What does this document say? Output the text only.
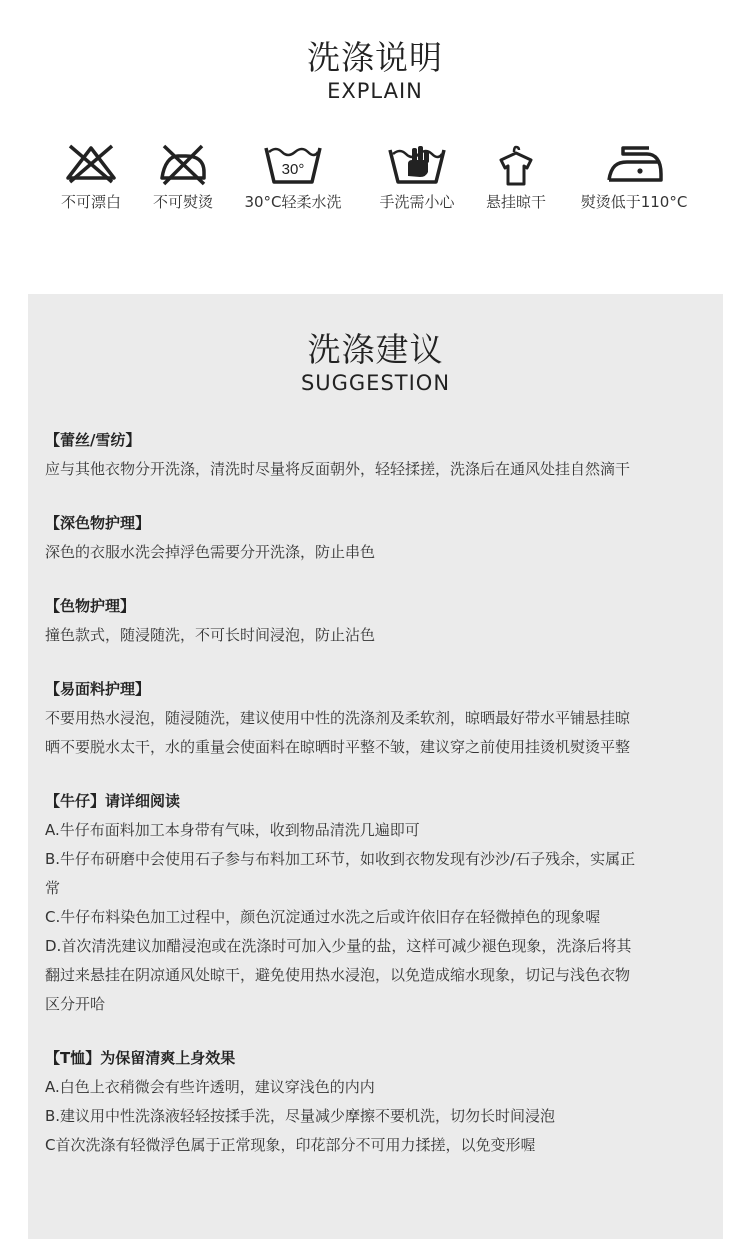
洗涤说明
EXPLAIN
不可漂白	不可熨烫
30°
30°C轻柔水洗	手洗需小心	悬挂晾干	熨烫低于110°C
洗涤建议
SUGGESTION
【蕾丝/雪纺】
应与其他衣物分开洗涤，清洗时尽量将反面朝外，轻轻揉搓，洗涤后在通风处挂自然滴干
【深色物护理】
深色的衣服水洗会掉浮色需要分开洗涤，防止串色
【色物护理】
撞色款式，随浸随洗，不可长时间浸泡，防止沾色
【易面料护理】
不要用热水浸泡，随浸随洗，建议使用中性的洗涤剂及柔软剂，晾晒最好带水平铺悬挂晾
晒不要脱水太干，水的重量会使面料在晾晒时平整不皱，建议穿之前使用挂烫机熨烫平整
【牛仔】请详细阅读
A.牛仔布面料加工本身带有气味，收到物品清洗几遍即可
B.牛仔布研磨中会使用石子参与布料加工环节，如收到衣物发现有沙沙/石子残余，实属正
常
C.牛仔布料染色加工过程中，颜色沉淀通过水洗之后或许依旧存在轻微掉色的现象喔
D.首次清洗建议加醋浸泡或在洗涤时可加入少量的盐，这样可减少褪色现象，洗涤后将其
翻过来悬挂在阴凉通风处晾干，避免使用热水浸泡，以免造成缩水现象，切记与浅色衣物
区分开哈
【T恤】为保留清爽上身效果
A.白色上衣稍微会有些许透明，建议穿浅色的内内
B.建议用中性洗涤液轻轻按揉手洗，尽量减少摩擦不要机洗，切勿长时间浸泡
C首次洗涤有轻微浮色属于正常现象，印花部分不可用力揉搓，以免变形喔
